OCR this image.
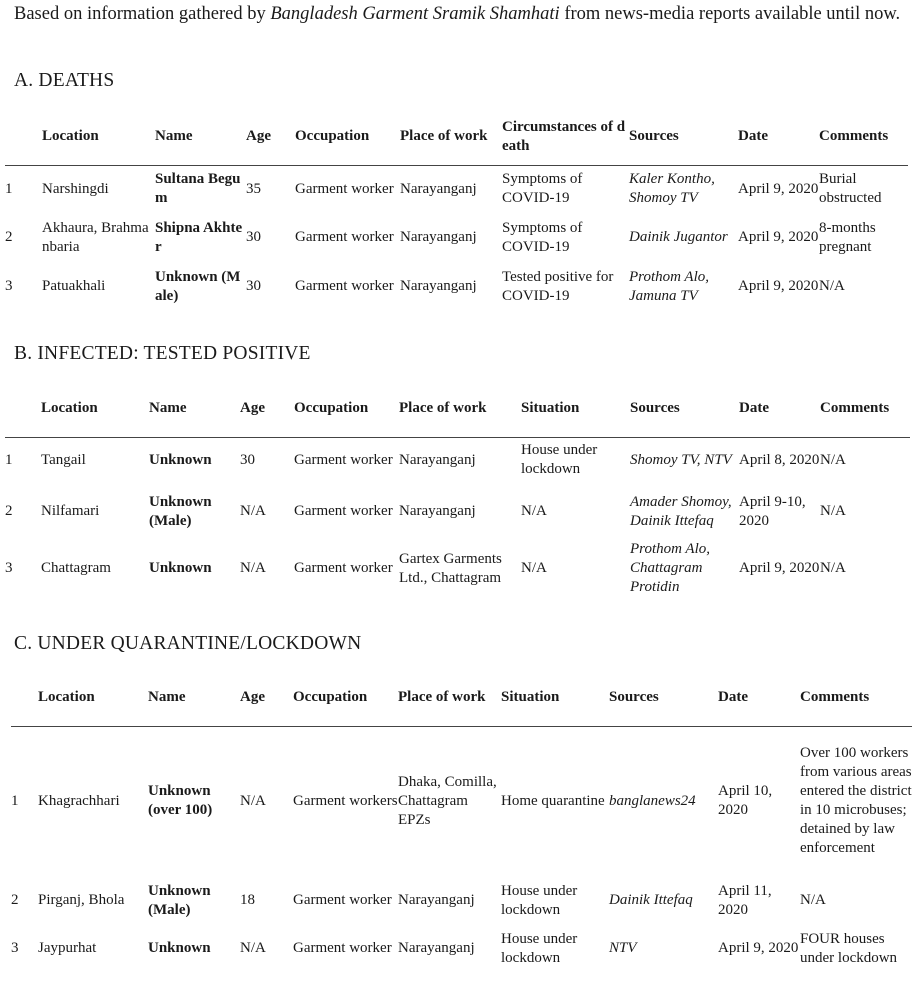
Based on information gathered by Bangladesh Garment Sramik Shamhati from news-media reports available until now.
A. DEATHS
	Location	Name	Age	Occupation	Place of work	Circumstances of death	Sources	Date	Comments
1	Narshingdi	Sultana Begum	35	Garment worker	Narayanganj	Symptoms of COVID-19	Kaler Kontho, Shomoy TV	April 9, 2020	Burial obstructed
2	Akhaura, Brahmanbaria	Shipna Akhter	30	Garment worker	Narayanganj	Symptoms of COVID-19	Dainik Jugantor	April 9, 2020	8-months pregnant
3	Patuakhali	Unknown (Male)	30	Garment worker	Narayanganj	Tested positive for COVID-19	Prothom Alo, Jamuna TV	April 9, 2020	N/A
B. INFECTED: TESTED POSITIVE
	Location	Name	Age	Occupation	Place of work	Situation	Sources	Date	Comments
1	Tangail	Unknown	30	Garment worker	Narayanganj	House under lockdown	Shomoy TV, NTV	April 8, 2020	N/A
2	Nilfamari	Unknown (Male)	N/A	Garment worker	Narayanganj	N/A	Amader Shomoy, Dainik Ittefaq	April 9-10, 2020	N/A
3	Chattagram	Unknown	N/A	Garment worker	Gartex Garments Ltd., Chattagram	N/A	Prothom Alo, Chattagram Protidin	April 9, 2020	N/A
C. UNDER QUARANTINE/LOCKDOWN
	Location	Name	Age	Occupation	Place of work	Situation	Sources	Date	Comments
1	Khagrachhari	Unknown (over 100)	N/A	Garment workers	Dhaka, Comilla, Chattagram EPZs	Home quarantine	banglanews24	April 10, 2020	Over 100 workers from various areas entered the district in 10 microbuses; detained by law enforcement
2	Pirganj, Bhola	Unknown (Male)	18	Garment worker	Narayanganj	House under lockdown	Dainik Ittefaq	April 11, 2020	N/A
3	Jaypurhat	Unknown	N/A	Garment worker	Narayanganj	House under lockdown	NTV	April 9, 2020	FOUR houses under lockdown
